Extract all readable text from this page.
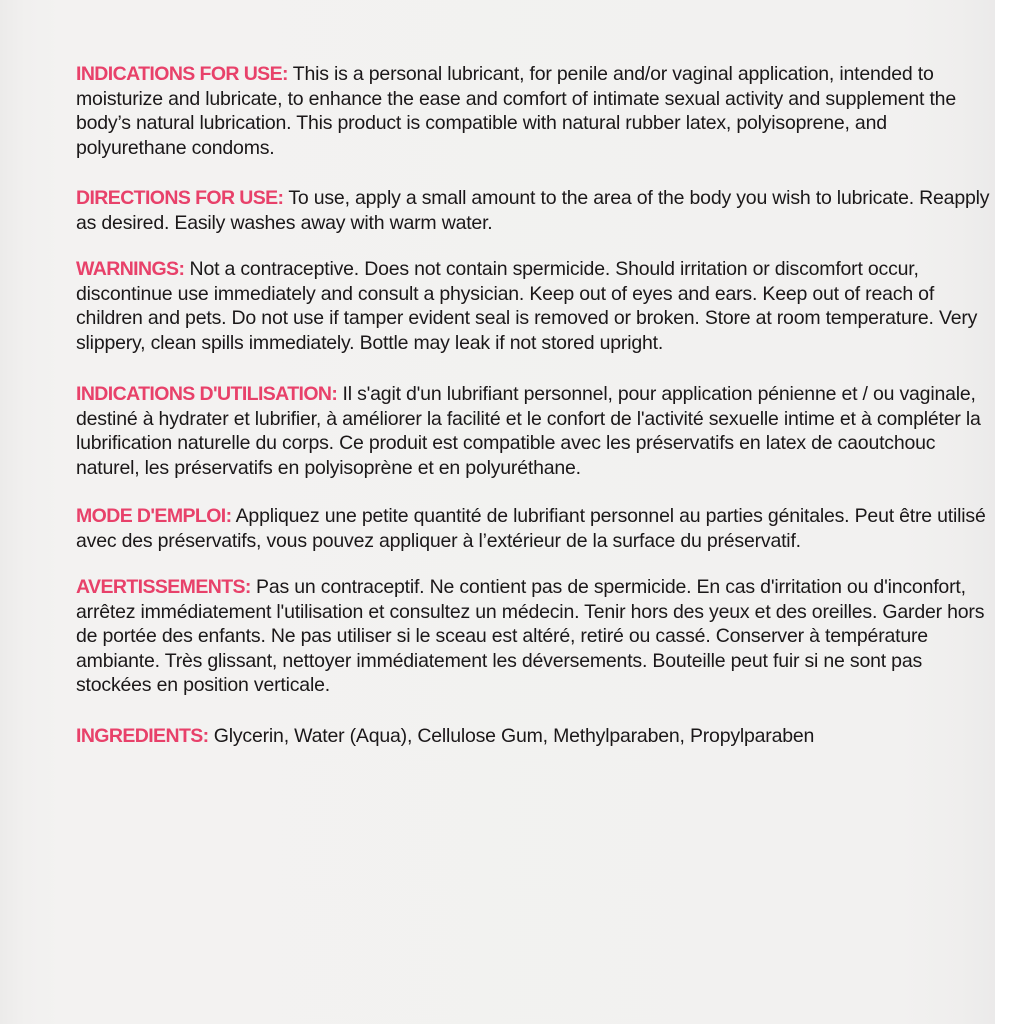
INDICATIONS FOR USE: This is a personal lubricant, for penile and/or vaginal application, intended to moisturize and lubricate, to enhance the ease and comfort of intimate sexual activity and supplement the body’s natural lubrication. This product is compatible with natural rubber latex, polyisoprene, and polyurethane condoms.

DIRECTIONS FOR USE: To use, apply a small amount to the area of the body you wish to lubricate. Reapply as desired. Easily washes away with warm water.

WARNINGS: Not a contraceptive. Does not contain spermicide. Should irritation or discomfort occur, discontinue use immediately and consult a physician. Keep out of eyes and ears. Keep out of reach of children and pets. Do not use if tamper evident seal is removed or broken. Store at room temperature. Very slippery, clean spills immediately. Bottle may leak if not stored upright.

INDICATIONS D'UTILISATION: Il s'agit d'un lubrifiant personnel, pour application pénienne et / ou vaginale, destiné à hydrater et lubrifier, à améliorer la facilité et le confort de l'activité sexuelle intime et à compléter la lubrification naturelle du corps. Ce produit est compatible avec les préservatifs en latex de caoutchouc naturel, les préservatifs en polyisoprène et en polyuréthane.

MODE D'EMPLOI: Appliquez une petite quantité de lubrifiant personnel au parties génitales. Peut être utilisé avec des préservatifs, vous pouvez appliquer à l’extérieur de la surface du préservatif.

AVERTISSEMENTS: Pas un contraceptif. Ne contient pas de spermicide. En cas d'irritation ou d'inconfort, arrêtez immédiatement l'utilisation et consultez un médecin. Tenir hors des yeux et des oreilles. Garder hors de portée des enfants. Ne pas utiliser si le sceau est altéré, retiré ou cassé. Conserver à température ambiante. Très glissant, nettoyer immédiatement les déversements. Bouteille peut fuir si ne sont pas stockées en position verticale.

INGREDIENTS: Glycerin, Water (Aqua), Cellulose Gum, Methylparaben, Propylparaben
